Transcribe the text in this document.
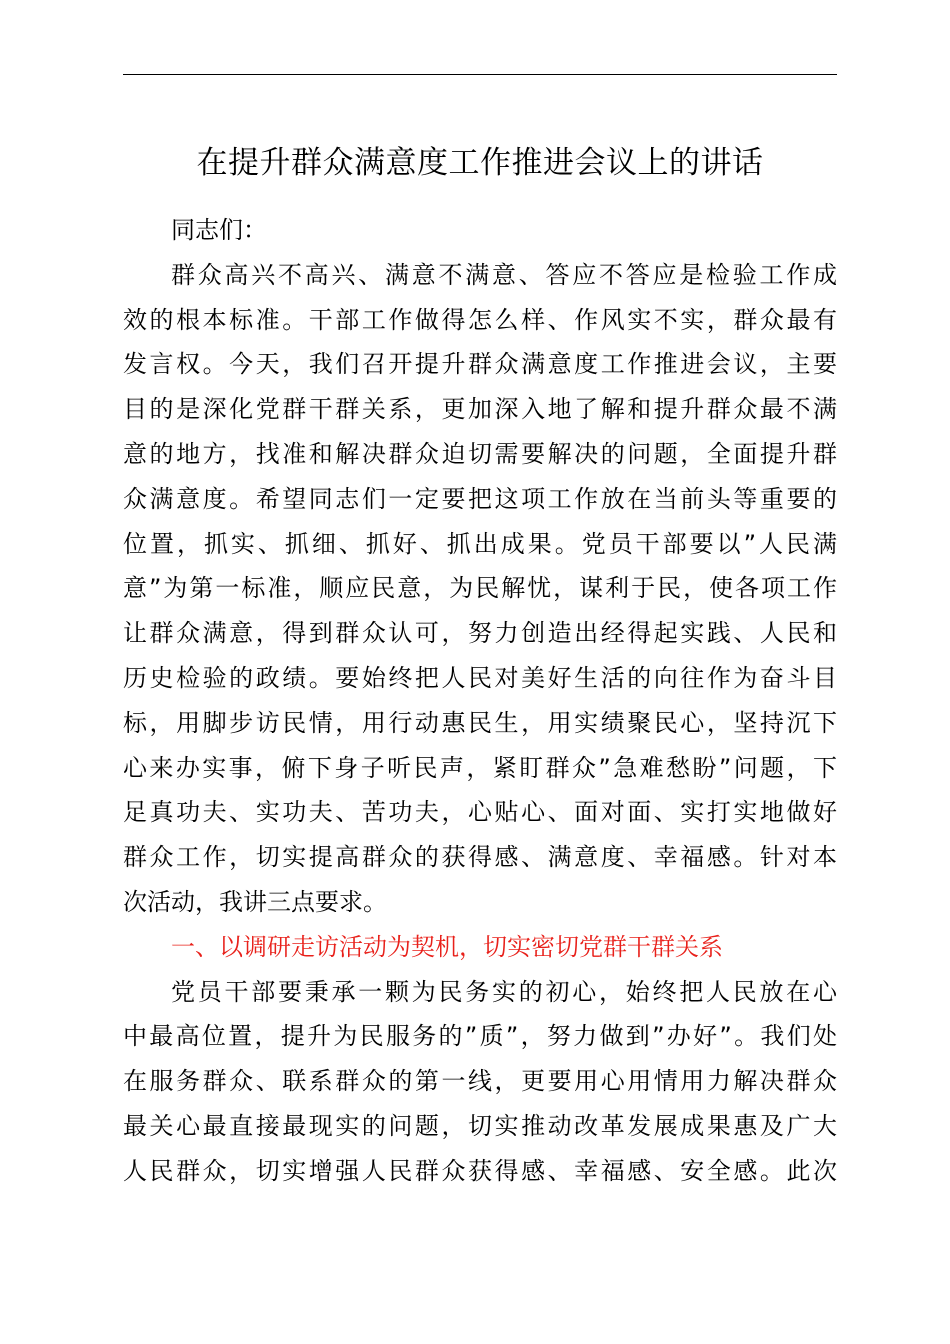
在提升群众满意度工作推进会议上的讲话
同志们：
群众高兴不高兴、满意不满意、答应不答应是检验工作成
效的根本标准。干部工作做得怎么样、作风实不实，群众最有
发言权。今天，我们召开提升群众满意度工作推进会议，主要
目的是深化党群干群关系，更加深入地了解和提升群众最不满
意的地方，找准和解决群众迫切需要解决的问题，全面提升群
众满意度。希望同志们一定要把这项工作放在当前头等重要的
位置，抓实、抓细、抓好、抓出成果。党员干部要以”人民满
意”为第一标准，顺应民意，为民解忧，谋利于民，使各项工作
让群众满意，得到群众认可，努力创造出经得起实践、人民和
历史检验的政绩。要始终把人民对美好生活的向往作为奋斗目
标，用脚步访民情，用行动惠民生，用实绩聚民心，坚持沉下
心来办实事，俯下身子听民声，紧盯群众”急难愁盼”问题，下
足真功夫、实功夫、苦功夫，心贴心、面对面、实打实地做好
群众工作，切实提高群众的获得感、满意度、幸福感。针对本
次活动，我讲三点要求。
一、以调研走访活动为契机，切实密切党群干群关系
党员干部要秉承一颗为民务实的初心，始终把人民放在心
中最高位置，提升为民服务的”质”，努力做到”办好”。我们处
在服务群众、联系群众的第一线，更要用心用情用力解决群众
最关心最直接最现实的问题，切实推动改革发展成果惠及广大
人民群众，切实增强人民群众获得感、幸福感、安全感。此次
